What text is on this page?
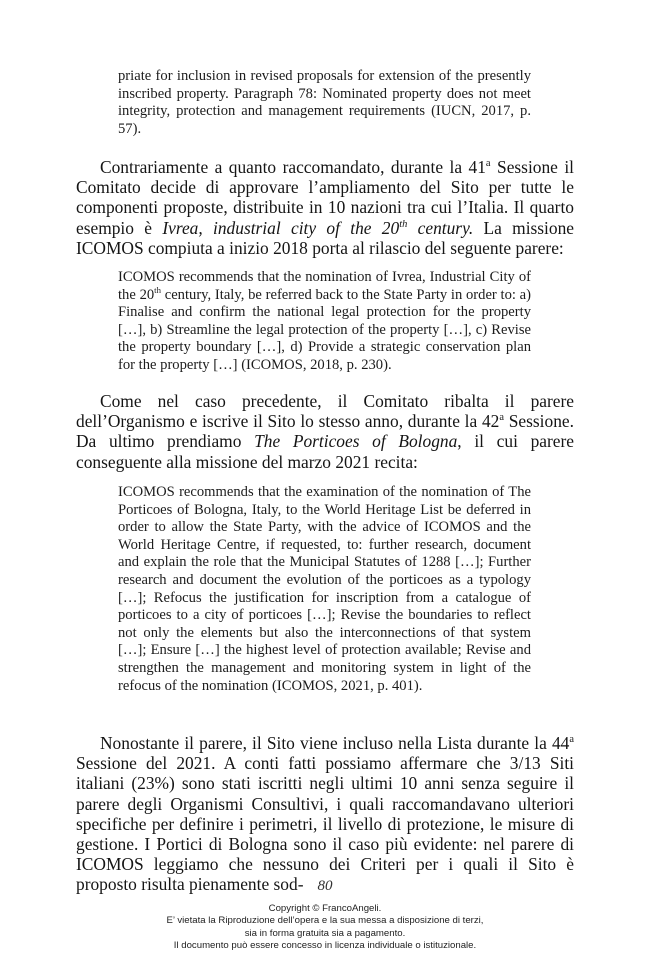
priate for inclusion in revised proposals for extension of the presently inscribed property. Paragraph 78: Nominated property does not meet integrity, protection and management requirements (IUCN, 2017, p. 57).
Contrariamente a quanto raccomandato, durante la 41$^a$ Sessione il Comitato decide di approvare l’ampliamento del Sito per tutte le componenti proposte, distribuite in 10 nazioni tra cui l’Italia. Il quarto esempio è Ivrea, industrial city of the 20th century. La missione ICOMOS compiuta a inizio 2018 porta al rilascio del seguente parere:
ICOMOS recommends that the nomination of Ivrea, Industrial City of the 20th century, Italy, be referred back to the State Party in order to: a) Finalise and confirm the national legal protection for the property […], b) Streamline the legal protection of the property […], c) Revise the property boundary […], d) Provide a strategic conservation plan for the property […] (ICOMOS, 2018, p. 230).
Come nel caso precedente, il Comitato ribalta il parere dell’Organismo e iscrive il Sito lo stesso anno, durante la 42$^a$ Sessione. Da ultimo prendiamo The Porticoes of Bologna, il cui parere conseguente alla missione del marzo 2021 recita:
ICOMOS recommends that the examination of the nomination of The Porticoes of Bologna, Italy, to the World Heritage List be deferred in order to allow the State Party, with the advice of ICOMOS and the World Heritage Centre, if requested, to: further research, document and explain the role that the Municipal Statutes of 1288 […]; Further research and document the evolution of the porticoes as a typology […]; Refocus the justification for inscription from a catalogue of porticoes to a city of porticoes […]; Revise the boundaries to reflect not only the elements but also the interconnections of that system […]; Ensure […] the highest level of protection available; Revise and strengthen the management and monitoring system in light of the refocus of the nomination (ICOMOS, 2021, p. 401).
Nonostante il parere, il Sito viene incluso nella Lista durante la 44$^a$ Sessione del 2021. A conti fatti possiamo affermare che 3/13 Siti italiani (23%) sono stati iscritti negli ultimi 10 anni senza seguire il parere degli Organismi Consultivi, i quali raccomandavano ulteriori specifiche per definire i perimetri, il livello di protezione, le misure di gestione. I Portici di Bologna sono il caso più evidente: nel parere di ICOMOS leggiamo che nessuno dei Criteri per i quali il Sito è proposto risulta pienamente sod- 80
Copyright © FrancoAngeli.
E’ vietata la Riproduzione dell’opera e la sua messa a disposizione di terzi,
sia in forma gratuita sia a pagamento.
Il documento può essere concesso in licenza individuale o istituzionale.
